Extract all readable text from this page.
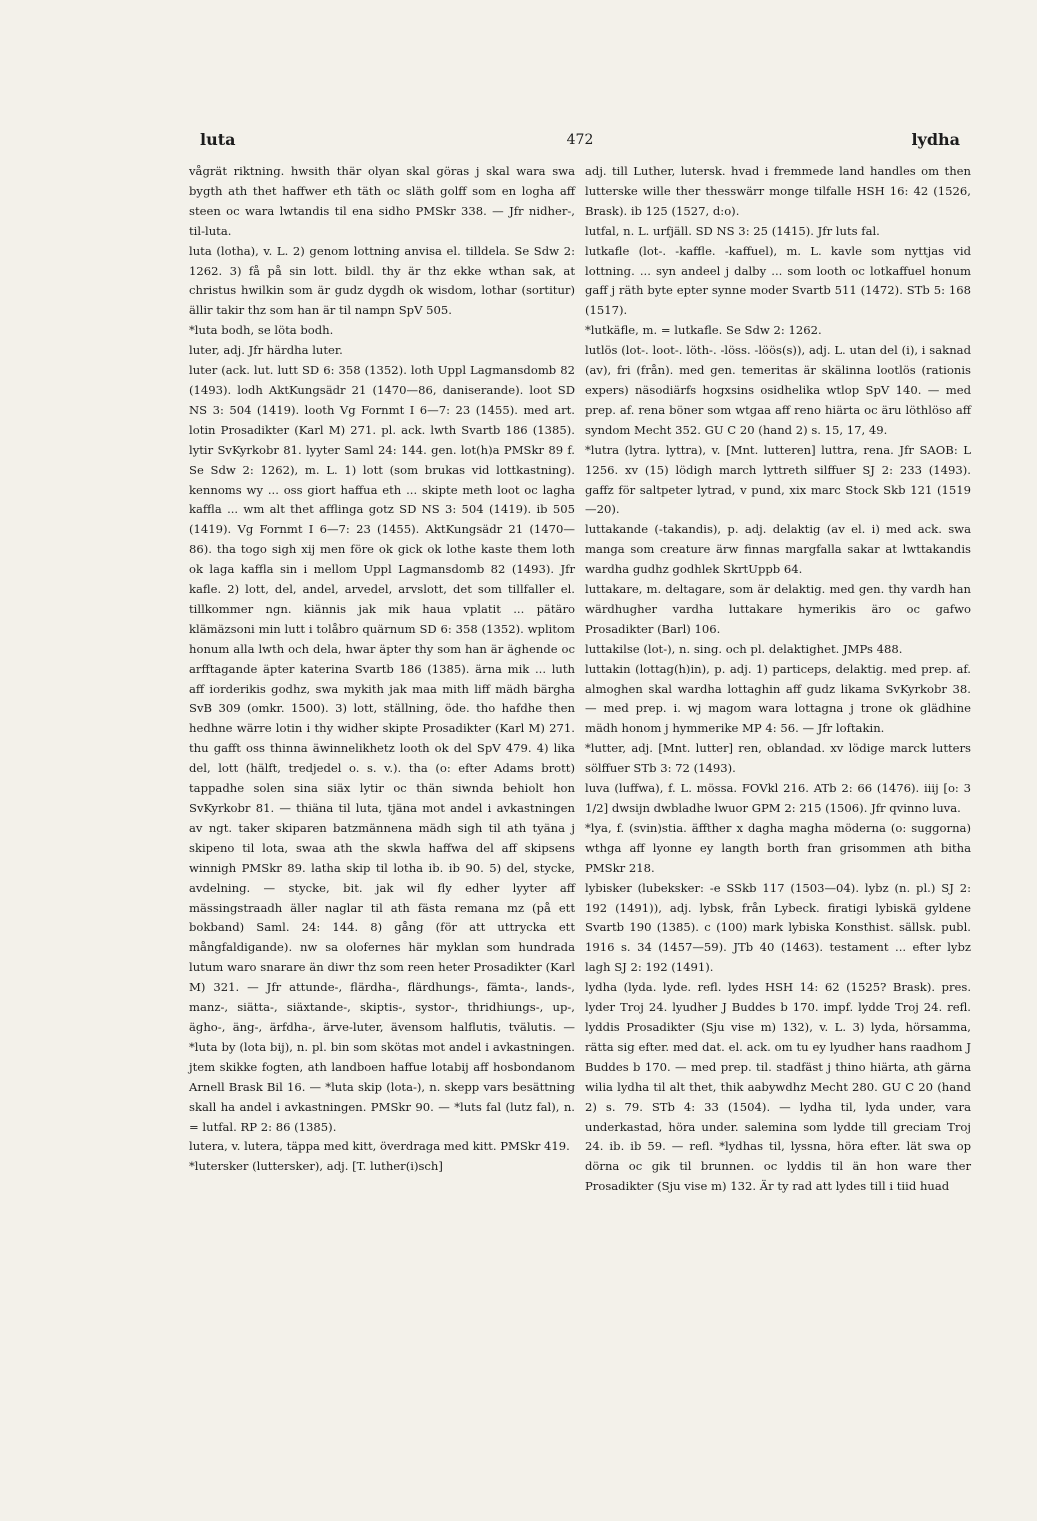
luta	472	lydha

vågrät riktning. hwsith thär olyan skal göras j skal wara swa bygth ath thet haffwer eth täth oc släth golff som en logha aff steen oc wara lwtandis til ena sidho PMSkr 338. — Jfr nidher-, til-luta.

luta (lotha), v. L. 2) genom lottning anvisa el. tilldela. Se Sdw 2: 1262. 3) få på sin lott. bildl. thy är thz ekke wthan sak, at christus hwilkin som är gudz dygdh ok wisdom, lothar (sortitur) ällir takir thz som han är til nampn SpV 505.

*luta bodh, se löta bodh.

luter, adj. Jfr härdha luter.

luter (ack. lut. lutt SD 6: 358 (1352). loth Uppl Lagmansdomb 82 (1493). lodh AktKungsädr 21 (1470—86, daniserande). loot SD NS 3: 504 (1419). looth Vg Fornmt I 6—7: 23 (1455). med art. lotin Prosadikter (Karl M) 271. pl. ack. lwth Svartb 186 (1385). lytir SvKyrkobr 81. lyyter Saml 24: 144. gen. lot(h)a PMSkr 89 f. Se Sdw 2: 1262), m. L. 1) lott (som brukas vid lottkastning). kennoms wy ... oss giort haffua eth ... skipte meth loot oc lagha kaffla ... wm alt thet afflinga gotz SD NS 3: 504 (1419). ib 505 (1419). Vg Fornmt I 6—7: 23 (1455). AktKungsädr 21 (1470—86). tha togo sigh xij men före ok gick ok lothe kaste them loth ok laga kaffla sin i mellom Uppl Lagmansdomb 82 (1493). Jfr kafle. 2) lott, del, andel, arvedel, arvslott, det som tillfaller el. tillkommer ngn. kiännis jak mik haua vplatit ... pätäro klämäzsoni min lutt i tolåbro quärnum SD 6: 358 (1352). wplitom honum alla lwth och dela, hwar äpter thy som han är äghende oc arfftagande äpter katerina Svartb 186 (1385). ärna mik ... luth aff iorderikis godhz, swa mykith jak maa mith liff mädh bärgha SvB 309 (omkr. 1500). 3) lott, ställning, öde. tho hafdhe then hedhne wärre lotin i thy widher skipte Prosadikter (Karl M) 271. thu gafft oss thinna äwinnelikhetz looth ok del SpV 479. 4) lika del, lott (hälft, tredjedel o. s. v.). tha (o: efter Adams brott) tappadhe solen sina siäx lytir oc thän siwnda behiolt hon SvKyrkobr 81. — thiäna til luta, tjäna mot andel i avkastningen av ngt. taker skiparen batzmännena mädh sigh til ath tyäna j skipeno til lota, swaa ath the skwla haffwa del aff skipsens winnigh PMSkr 89. latha skip til lotha ib. ib 90. 5) del, stycke, avdelning. — stycke, bit. jak wil fly edher lyyter aff mässingstraadh äller naglar til ath fästa remana mz (på ett bokband) Saml. 24: 144. 8) gång (för att uttrycka ett mångfaldigande). nw sa olofernes här myklan som hundrada lutum waro snarare än diwr thz som reen heter Prosadikter (Karl M) 321. — Jfr attunde-, flärdha-, flärdhungs-, fämta-, lands-, manz-, siätta-, siäxtande-, skiptis-, systor-, thridhiungs-, up-, ägho-, äng-, ärfdha-, ärve-luter, ävensom halflutis, tvälutis. — *luta by (lota bij), n. pl. bin som skötas mot andel i avkastningen. jtem skikke fogten, ath landboen haffue lotabij aff hosbondanom Arnell Brask Bil 16. — *luta skip (lota-), n. skepp vars besättning skall ha andel i avkastningen. PMSkr 90. — *luts fal (lutz fal), n. = lutfal. RP 2: 86 (1385).

lutera, v. lutera, täppa med kitt, överdraga med kitt. PMSkr 419.

*lutersker (luttersker), adj. [T. luther(i)sch]

adj. till Luther, lutersk. hvad i fremmede land handles om then lutterske wille ther thesswärr monge tilfalle HSH 16: 42 (1526, Brask). ib 125 (1527, d:o).

lutfal, n. L. urfjäll. SD NS 3: 25 (1415). Jfr luts fal.

lutkafle (lot-. -kaffle. -kaffuel), m. L. kavle som nyttjas vid lottning. ... syn andeel j dalby ... som looth oc lotkaffuel honum gaff j räth byte epter synne moder Svartb 511 (1472). STb 5: 168 (1517).

*lutkäfle, m. = lutkafle. Se Sdw 2: 1262.

lutlös (lot-. loot-. löth-. -löss. -löös(s)), adj. L. utan del (i), i saknad (av), fri (från). med gen. temeritas är skälinna lootlös (rationis expers) näsodiärfs hogxsins osidhelika wtlop SpV 140. — med prep. af. rena böner som wtgaa aff reno hiärta oc äru löthlöso aff syndom Mecht 352. GU C 20 (hand 2) s. 15, 17, 49.

*lutra (lytra. lyttra), v. [Mnt. lutteren] luttra, rena. Jfr SAOB: L 1256. xv (15) lödigh march lyttreth silffuer SJ 2: 233 (1493). gaffz för saltpeter lytrad, v pund, xix marc Stock Skb 121 (1519—20).

luttakande (-takandis), p. adj. delaktig (av el. i) med ack. swa manga som creature ärw finnas margfalla sakar at lwttakandis wardha gudhz godhlek SkrtUppb 64.

luttakare, m. deltagare, som är delaktig. med gen. thy vardh han wärdhugher vardha luttakare hymerikis äro oc gafwo Prosadikter (Barl) 106.

luttakilse (lot-), n. sing. och pl. delaktighet. JMPs 488.

luttakin (lottag(h)in), p. adj. 1) particeps, delaktig. med prep. af. almoghen skal wardha lottaghin aff gudz likama SvKyrkobr 38. — med prep. i. wj magom wara lottagna j trone ok glädhine mädh honom j hymmerike MP 4: 56. — Jfr loftakin.

*lutter, adj. [Mnt. lutter] ren, oblandad. xv lödige marck lutters sölffuer STb 3: 72 (1493).

luva (luffwa), f. L. mössa. FOVkl 216. ATb 2: 66 (1476). iiij [o: 3 1/2] dwsijn dwbladhe lwuor GPM 2: 215 (1506). Jfr qvinno luva.

*lya, f. (svin)stia. äffther x dagha magha möderna (o: suggorna) wthga aff lyonne ey langth borth fran grisommen ath bitha PMSkr 218.

lybisker (lubeksker: -e SSkb 117 (1503—04). lybz (n. pl.) SJ 2: 192 (1491)), adj. lybsk, från Lybeck. firatigi lybiskä gyldene Svartb 190 (1385). c (100) mark lybiska Konsthist. sällsk. publ. 1916 s. 34 (1457—59). JTb 40 (1463). testament ... efter lybz lagh SJ 2: 192 (1491).

lydha (lyda. lyde. refl. lydes HSH 14: 62 (1525? Brask). pres. lyder Troj 24. lyudher J Buddes b 170. impf. lydde Troj 24. refl. lyddis Prosadikter (Sju vise m) 132), v. L. 3) lyda, hörsamma, rätta sig efter. med dat. el. ack. om tu ey lyudher hans raadhom J Buddes b 170. — med prep. til. stadfäst j thino hiärta, ath gärna wilia lydha til alt thet, thik aabywdhz Mecht 280. GU C 20 (hand 2) s. 79. STb 4: 33 (1504). — lydha til, lyda under, vara underkastad, höra under. salemina som lydde till greciam Troj 24. ib. ib 59. — refl. *lydhas til, lyssna, höra efter. lät swa op dörna oc gik til brunnen. oc lyddis til än hon ware ther Prosadikter (Sju vise m) 132. Är ty rad att lydes till i tiid huad
